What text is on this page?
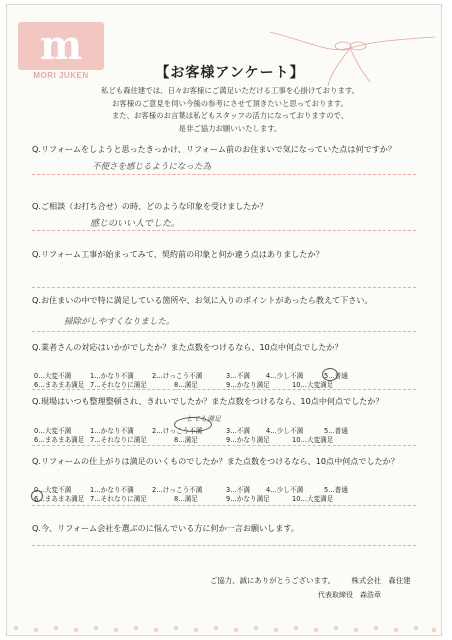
m
MORI JUKEN	【お客様アンケート】
私ども森住建では、日々お客様にご満足いただける工事を心掛けております。
お客様のご意見を伺い今後の参考にさせて頂きたいと思っております。
また、お客様のお言葉は私どもスタッフの活力になっておりますので、
是非ご協力お願いいたします。
Q.リフォームをしようと思ったきっかけ、リフォーム前のお住まいで気になっていた点は何ですか？
不便さを感じるようになった為
Q.ご相談（お打ち合せ）の時、どのような印象を受けましたか？
感じのいい人でした。
Q.リフォーム工事が始まってみて、契約前の印象と何か違う点はありましたか？
Q.お住まいの中で特に満足している箇所や、お気に入りのポイントがあったら教えて下さい。
掃除がしやすくなりました。
Q.業者さんの対応はいかがでしたか？また点数をつけるなら、10点中何点でしたか？
0…大変不満	1…かなり不満	2…けっこう不満	3…不満 4…少し不満	5…普通
6…まあまあ満足 7…それなりに満足	8…満足	9…かなり満足	10…大変満足
Q.現場はいつも整理整頓され、きれいでしたか？また点数をつけるなら、10点中何点でしたか？
とても満足
0…大変不満	1…かなり不満	2…けっこう不満	3…不満 4…少し不満	5…普通
6…まあまあ満足 7…それなりに満足	8…満足	9…かなり満足	10…大変満足
Q.リフォームの仕上がりは満足のいくものでしたか？また点数をつけるなら、10点中何点でしたか？
0…大変不満	1…かなり不満	2…けっこう不満	3…不満 4…少し不満	5…普通
6…まあまあ満足 7…それなりに満足	8…満足	9…かなり満足	10…大変満足
Q.今、リフォーム会社を選ぶのに悩んでいる方に何か一言お願いします。
ご協力、誠にありがとうございます。 株式会社　森住建
代表取締役　森浩章
